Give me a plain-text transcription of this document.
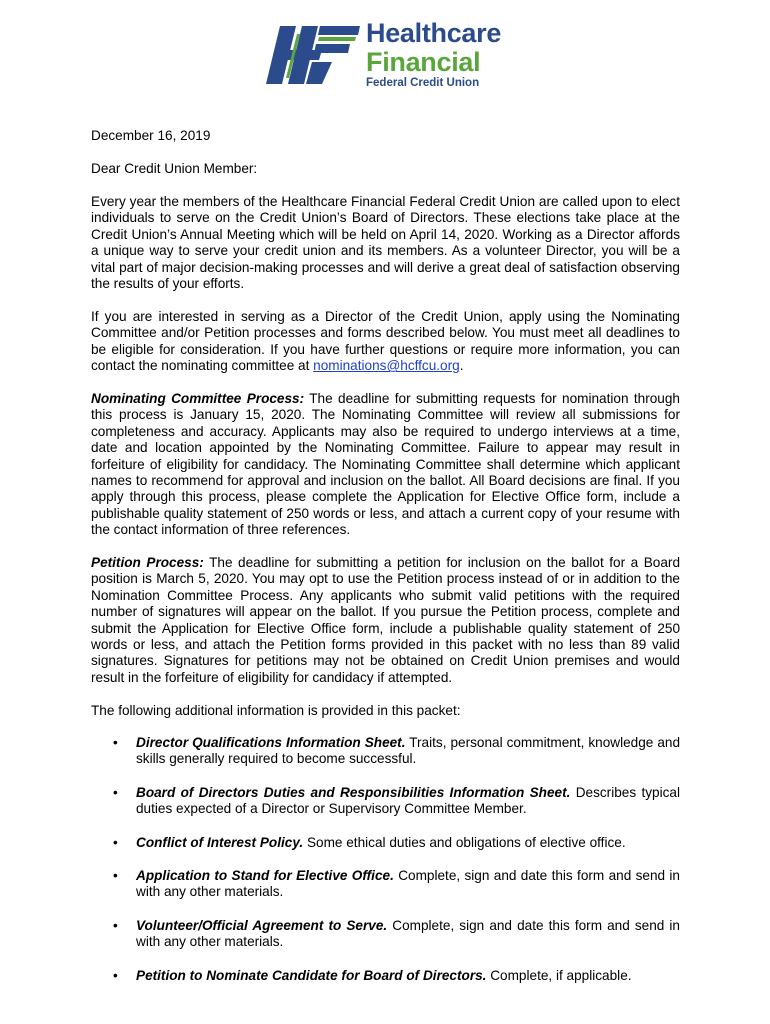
Healthcare
Financial
Federal Credit Union
December 16, 2019
Dear Credit Union Member:
Every year the members of the Healthcare Financial Federal Credit Union are called upon to elect individuals to serve on the Credit Union’s Board of Directors. These elections take place at the Credit Union’s Annual Meeting which will be held on April 14, 2020. Working as a Director affords a unique way to serve your credit union and its members. As a volunteer Director, you will be a vital part of major decision-making processes and will derive a great deal of satisfaction observing the results of your efforts.
If you are interested in serving as a Director of the Credit Union, apply using the Nominating Committee and/or Petition processes and forms described below. You must meet all deadlines to be eligible for consideration. If you have further questions or require more information, you can contact the nominating committee at nominations@hcffcu.org.
Nominating Committee Process: The deadline for submitting requests for nomination through this process is January 15, 2020. The Nominating Committee will review all submissions for completeness and accuracy. Applicants may also be required to undergo interviews at a time, date and location appointed by the Nominating Committee. Failure to appear may result in forfeiture of eligibility for candidacy. The Nominating Committee shall determine which applicant names to recommend for approval and inclusion on the ballot. All Board decisions are final. If you apply through this process, please complete the Application for Elective Office form, include a publishable quality statement of 250 words or less, and attach a current copy of your resume with the contact information of three references.
Petition Process: The deadline for submitting a petition for inclusion on the ballot for a Board position is March 5, 2020. You may opt to use the Petition process instead of or in addition to the Nomination Committee Process. Any applicants who submit valid petitions with the required number of signatures will appear on the ballot. If you pursue the Petition process, complete and submit the Application for Elective Office form, include a publishable quality statement of 250 words or less, and attach the Petition forms provided in this packet with no less than 89 valid signatures. Signatures for petitions may not be obtained on Credit Union premises and would result in the forfeiture of eligibility for candidacy if attempted.
The following additional information is provided in this packet:
• Director Qualifications Information Sheet. Traits, personal commitment, knowledge and skills generally required to become successful.
• Board of Directors Duties and Responsibilities Information Sheet. Describes typical duties expected of a Director or Supervisory Committee Member.
• Conflict of Interest Policy. Some ethical duties and obligations of elective office.
• Application to Stand for Elective Office. Complete, sign and date this form and send in with any other materials.
• Volunteer/Official Agreement to Serve. Complete, sign and date this form and send in with any other materials.
• Petition to Nominate Candidate for Board of Directors. Complete, if applicable.
